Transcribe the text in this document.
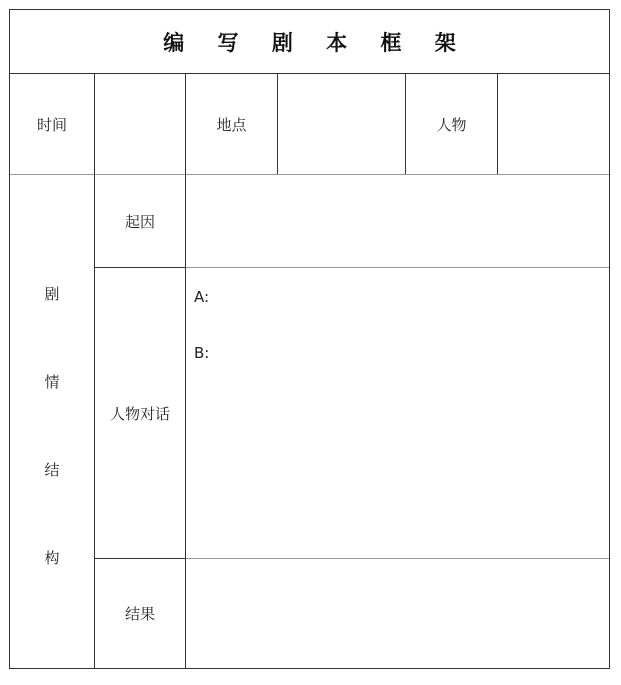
编 写 剧 本 框 架
时间	地点	人物
剧
情
结
构
起因
人物对话
A:
B:
结果
